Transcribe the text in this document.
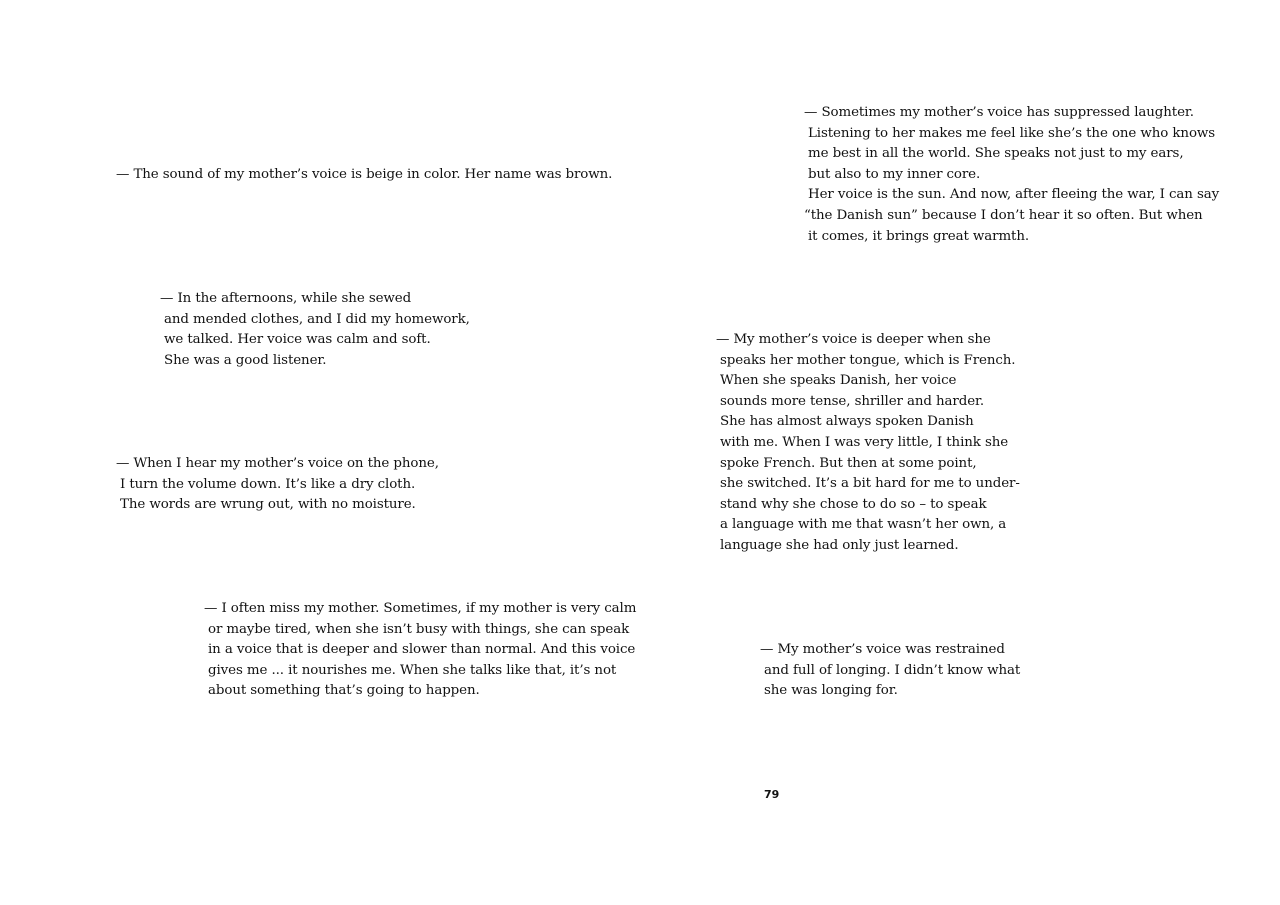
— The sound of my mother’s voice is beige in color. Her name was brown.
— In the afternoons, while she sewed
and mended clothes, and I did my homework,
we talked. Her voice was calm and soft.
She was a good listener.
— When I hear my mother’s voice on the phone,
I turn the volume down. It’s like a dry cloth.
The words are wrung out, with no moisture.
— I often miss my mother. Sometimes, if my mother is very calm
or maybe tired, when she isn’t busy with things, she can speak
in a voice that is deeper and slower than normal. And this voice
gives me ... it nourishes me. When she talks like that, it’s not
about something that’s going to happen.
— Sometimes my mother’s voice has suppressed laughter.
Listening to her makes me feel like she’s the one who knows
me best in all the world. She speaks not just to my ears,
but also to my inner core.
Her voice is the sun. And now, after fleeing the war, I can say
“the Danish sun” because I don’t hear it so often. But when
it comes, it brings great warmth.
— My mother’s voice is deeper when she
speaks her mother tongue, which is French.
When she speaks Danish, her voice
sounds more tense, shriller and harder.
She has almost always spoken Danish
with me. When I was very little, I think she
spoke French. But then at some point,
she switched. It’s a bit hard for me to under-
stand why she chose to do so – to speak
a language with me that wasn’t her own, a
language she had only just learned.
— My mother’s voice was restrained
and full of longing. I didn’t know what
she was longing for.
79
